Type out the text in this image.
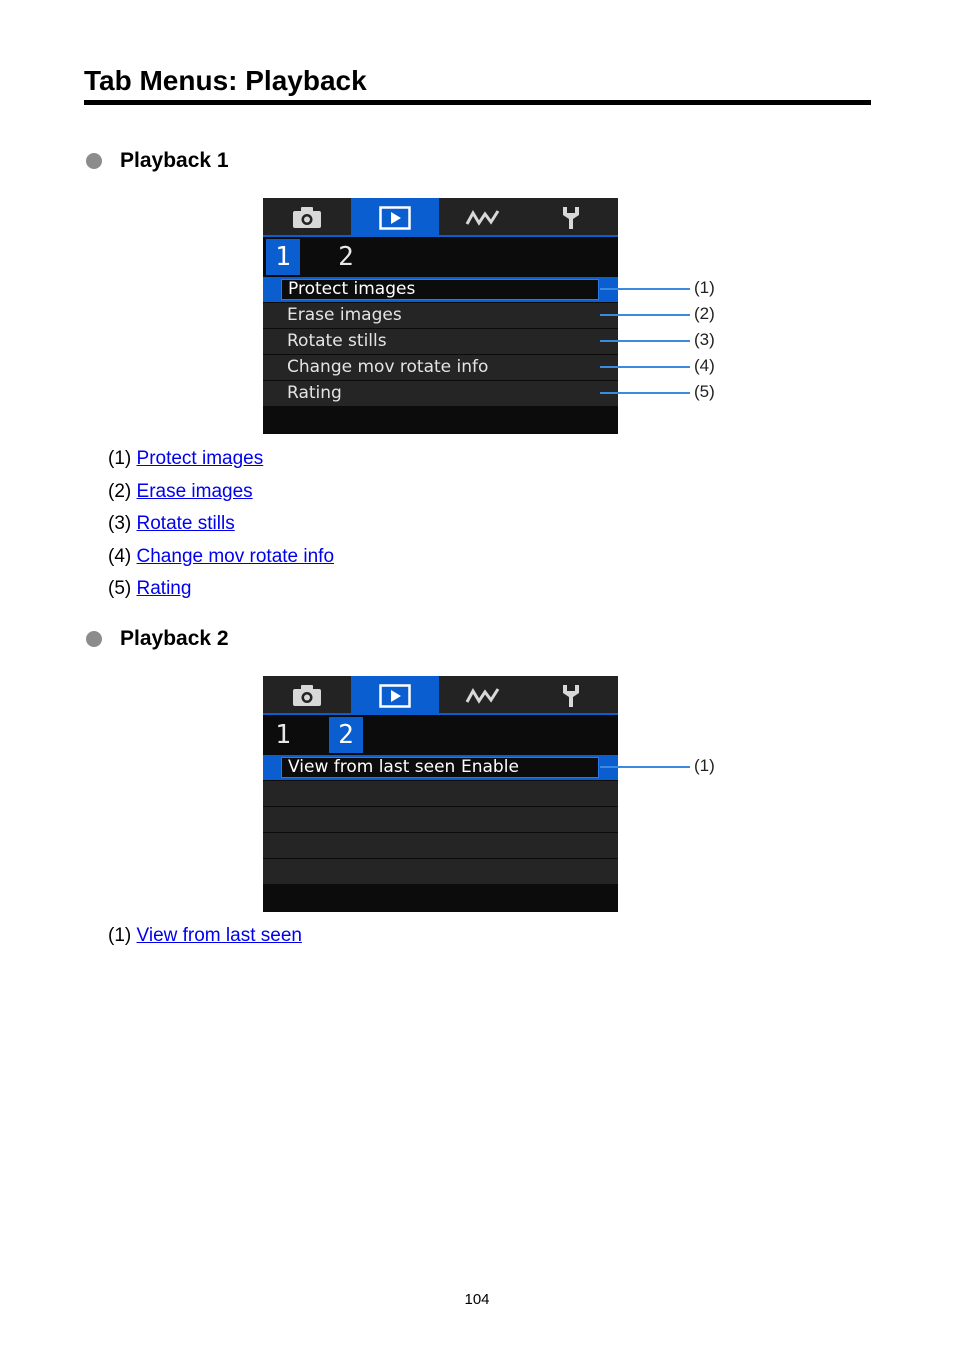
Tab Menus: Playback
Playback 1
1	2
Protect images
Erase images
Rotate stills
Change mov rotate info
Rating
(1)
(2)
(3)
(4)
(5)
(1) Protect images
(2) Erase images
(3) Rotate stills
(4) Change mov rotate info
(5) Rating
Playback 2
1	2
View from last seen Enable	(1)
(1) View from last seen
104
